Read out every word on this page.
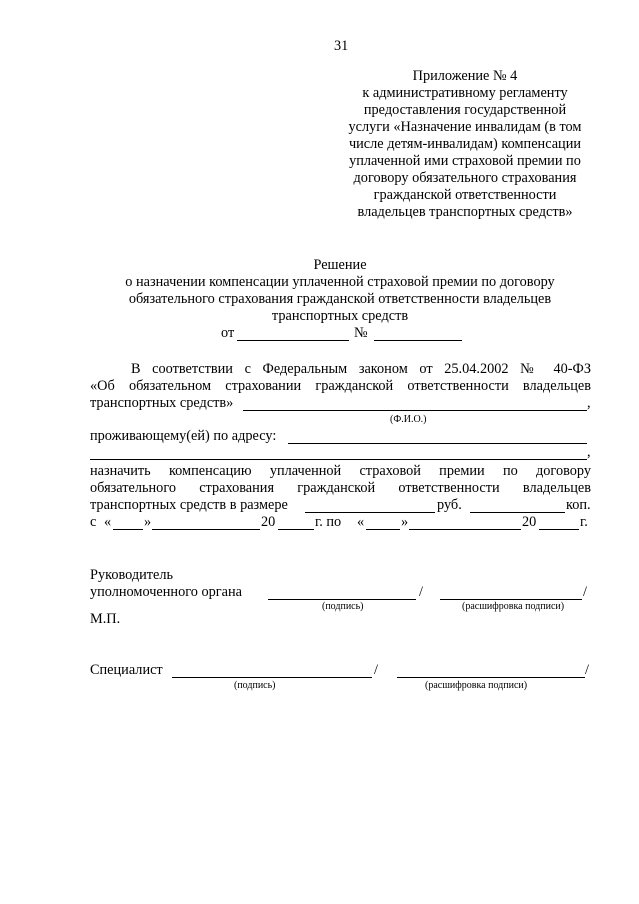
31
Приложение № 4
к административному регламенту
предоставления государственной
услуги «Назначение инвалидам (в том
числе детям-инвалидам) компенсации
уплаченной ими страховой премии по
договору обязательного страхования
гражданской ответственности
владельцев транспортных средств»
Решение
о назначении компенсации уплаченной страховой премии по договору
обязательного страхования гражданской ответственности владельцев
транспортных средств
от	№
В соответствии с Федеральным законом от 25.04.2002 № 40-ФЗ
«Об обязательном страховании гражданской ответственности владельцев
транспортных средств»	,
(Ф.И.О.)
проживающему(ей) по адресу:
,
назначить компенсацию уплаченной страховой премии по договору
обязательного страхования гражданской ответственности владельцев
транспортных средств в размере	руб.	коп.
с « »	20	г. по «	»	20	г.
Руководитель
уполномоченного органа	/	/
(подпись)	(расшифровка подписи)
М.П.
Специалист	/	/
(подпись)	(расшифровка подписи)
